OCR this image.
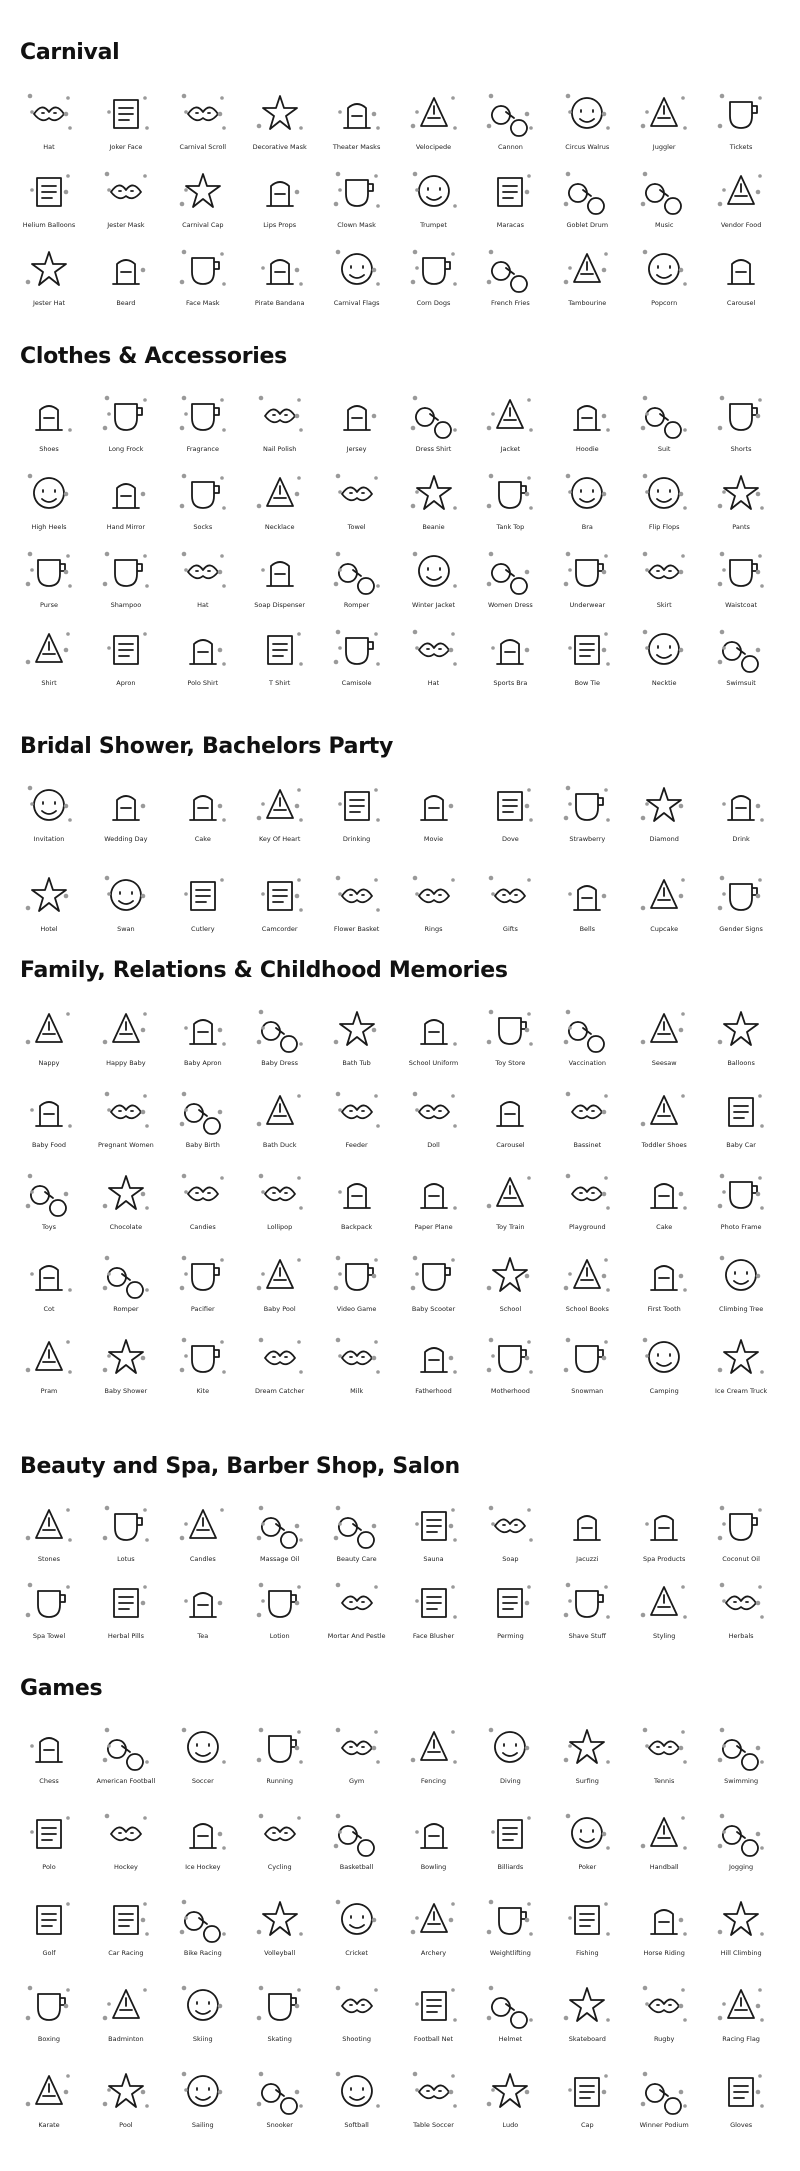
Carnival
Hat	Joker Face	Carnival Scroll	Decorative Mask	Theater Masks	Velocipede	Cannon	Circus Walrus	Juggler	Tickets
Helium Balloons	Jester Mask	Carnival Cap	Lips Props	Clown Mask	Trumpet	Maracas	Goblet Drum	Music	Vendor Food
Jester Hat	Beard	Face Mask	Pirate Bandana	Carnival Flags	Corn Dogs	French Fries	Tambourine	Popcorn	Carousel
Clothes & Accessories
Shoes	Long Frock	Fragrance	Nail Polish	Jersey	Dress Shirt	Jacket	Hoodie	Suit	Shorts
High Heels	Hand Mirror	Socks	Necklace	Towel	Beanie	Tank Top	Bra	Flip Flops	Pants
Purse	Shampoo	Hat	Soap Dispenser	Romper	Winter Jacket	Women Dress	Underwear	Skirt	Waistcoat
Shirt	Apron	Polo Shirt	T Shirt	Camisole	Hat	Sports Bra	Bow Tie	Necktie	Swimsuit
Bridal Shower, Bachelors Party
Invitation	Wedding Day	Cake	Key Of Heart	Drinking	Movie	Dove	Strawberry	Diamond	Drink
Hotel	Swan	Cutlery	Camcorder	Flower Basket	Rings	Gifts	Bells	Cupcake	Gender Signs
Family, Relations & Childhood Memories
Nappy	Happy Baby	Baby Apron	Baby Dress	Bath Tub	School Uniform	Toy Store	Vaccination	Seesaw	Balloons
Baby Food	Pregnant Women	Baby Birth	Bath Duck	Feeder	Doll	Carousel	Bassinet	Toddler Shoes	Baby Car
Toys	Chocolate	Candies	Lollipop	Backpack	Paper Plane	Toy Train	Playground	Cake	Photo Frame
Cot	Romper	Pacifier	Baby Pool	Video Game	Baby Scooter	School	School Books	First Tooth	Climbing Tree
Pram	Baby Shower	Kite	Dream Catcher	Milk	Fatherhood	Motherhood	Snowman	Camping	Ice Cream Truck
Beauty and Spa, Barber Shop, Salon
Stones	Lotus	Candles	Massage Oil	Beauty Care	Sauna	Soap	Jacuzzi	Spa Products	Coconut Oil
Spa Towel	Herbal Pills	Tea	Lotion	Mortar And Pestle	Face Blusher	Perming	Shave Stuff	Styling	Herbals
Games
Chess	American Football	Soccer	Running	Gym	Fencing	Diving	Surfing	Tennis	Swimming
Polo	Hockey	Ice Hockey	Cycling	Basketball	Bowling	Billiards	Poker	Handball	Jogging
Golf	Car Racing	Bike Racing	Volleyball	Cricket	Archery	Weightlifting	Fishing	Horse Riding	Hill Climbing
Boxing	Badminton	Skiing	Skating	Shooting	Football Net	Helmet	Skateboard	Rugby	Racing Flag
Karate	Pool	Sailing	Snooker	Softball	Table Soccer	Ludo	Cap	Winner Podium	Gloves
